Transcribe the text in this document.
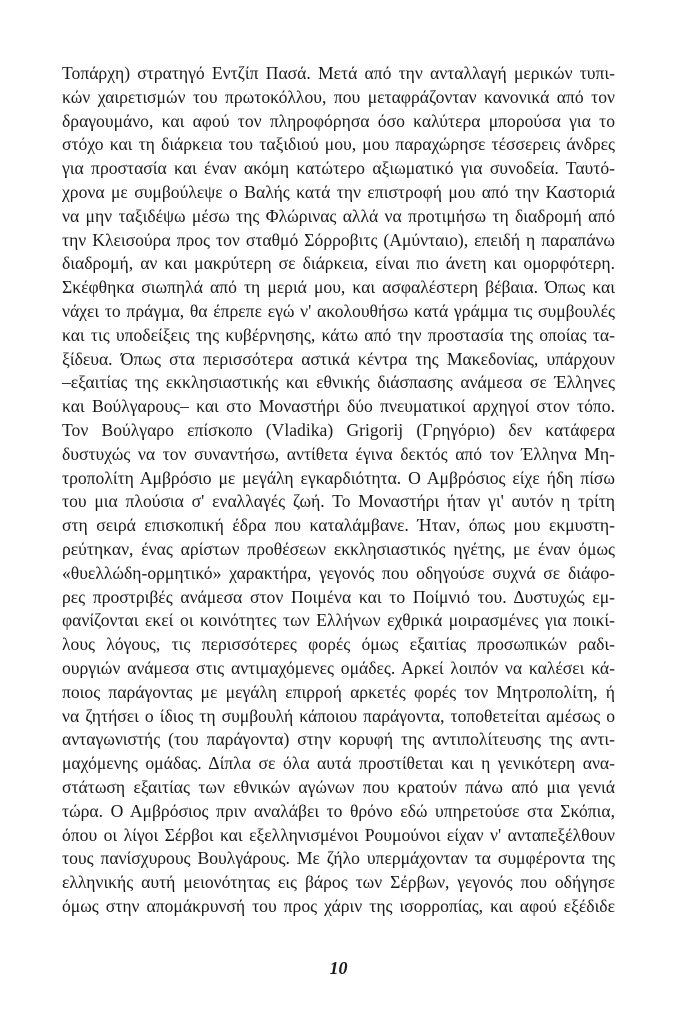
Τοπάρχη) στρατηγό Εντζίπ Πασά. Μετά από την ανταλλαγή μερικών τυπι-
κών χαιρετισμών του πρωτοκόλλου, που μεταφράζονταν κανονικά από τον
δραγουμάνο, και αφού τον πληροφόρησα όσο καλύτερα μπορούσα για το
στόχο και τη διάρκεια του ταξιδιού μου, μου παραχώρησε τέσσερεις άνδρες
για προστασία και έναν ακόμη κατώτερο αξιωματικό για συνοδεία. Ταυτό-
χρονα με συμβούλεψε ο Βαλής κατά την επιστροφή μου από την Καστοριά
να μην ταξιδέψω μέσω της Φλώρινας αλλά να προτιμήσω τη διαδρομή από
την Κλεισούρα προς τον σταθμό Σόρροβιτς (Αμύνταιο), επειδή η παραπάνω
διαδρομή, αν και μακρύτερη σε διάρκεια, είναι πιο άνετη και ομορφότερη.
Σκέφθηκα σιωπηλά από τη μεριά μου, και ασφαλέστερη βέβαια. Όπως και
νάχει το πράγμα, θα έπρεπε εγώ ν' ακολουθήσω κατά γράμμα τις συμβουλές
και τις υποδείξεις της κυβέρνησης, κάτω από την προστασία της οποίας τα-
ξίδευα. Όπως στα περισσότερα αστικά κέντρα της Μακεδονίας, υπάρχουν
–εξαιτίας της εκκλησιαστικής και εθνικής διάσπασης ανάμεσα σε Έλληνες
και Βούλγαρους– και στο Μοναστήρι δύο πνευματικοί αρχηγοί στον τόπο.
Τον Βούλγαρο επίσκοπο (Vladika) Grigorij (Γρηγόριο) δεν κατάφερα
δυστυχώς να τον συναντήσω, αντίθετα έγινα δεκτός από τον Έλληνα Μη-
τροπολίτη Αμβρόσιο με μεγάλη εγκαρδιότητα. Ο Αμβρόσιος είχε ήδη πίσω
του μια πλούσια σ' εναλλαγές ζωή. Το Μοναστήρι ήταν γι' αυτόν η τρίτη
στη σειρά επισκοπική έδρα που καταλάμβανε. Ήταν, όπως μου εκμυστη-
ρεύτηκαν, ένας αρίστων προθέσεων εκκλησιαστικός ηγέτης, με έναν όμως
«θυελλώδη-ορμητικό» χαρακτήρα, γεγονός που οδηγούσε συχνά σε διάφο-
ρες προστριβές ανάμεσα στον Ποιμένα και το Ποίμνιό του. Δυστυχώς εμ-
φανίζονται εκεί οι κοινότητες των Ελλήνων εχθρικά μοιρασμένες για ποικί-
λους λόγους, τις περισσότερες φορές όμως εξαιτίας προσωπικών ραδι-
ουργιών ανάμεσα στις αντιμαχόμενες ομάδες. Αρκεί λοιπόν να καλέσει κά-
ποιος παράγοντας με μεγάλη επιρροή αρκετές φορές τον Μητροπολίτη, ή
να ζητήσει ο ίδιος τη συμβουλή κάποιου παράγοντα, τοποθετείται αμέσως ο
ανταγωνιστής (του παράγοντα) στην κορυφή της αντιπολίτευσης της αντι-
μαχόμενης ομάδας. Δίπλα σε όλα αυτά προστίθεται και η γενικότερη ανα-
στάτωση εξαιτίας των εθνικών αγώνων που κρατούν πάνω από μια γενιά
τώρα. Ο Αμβρόσιος πριν αναλάβει το θρόνο εδώ υπηρετούσε στα Σκόπια,
όπου οι λίγοι Σέρβοι και εξελληνισμένοι Ρουμούνοι είχαν ν' ανταπεξέλθουν
τους πανίσχυρους Βουλγάρους. Με ζήλο υπερμάχονταν τα συμφέροντα της
ελληνικής αυτή μειονότητας εις βάρος των Σέρβων, γεγονός που οδήγησε
όμως στην απομάκρυνσή του προς χάριν της ισορροπίας, και αφού εξέδιδε
10
